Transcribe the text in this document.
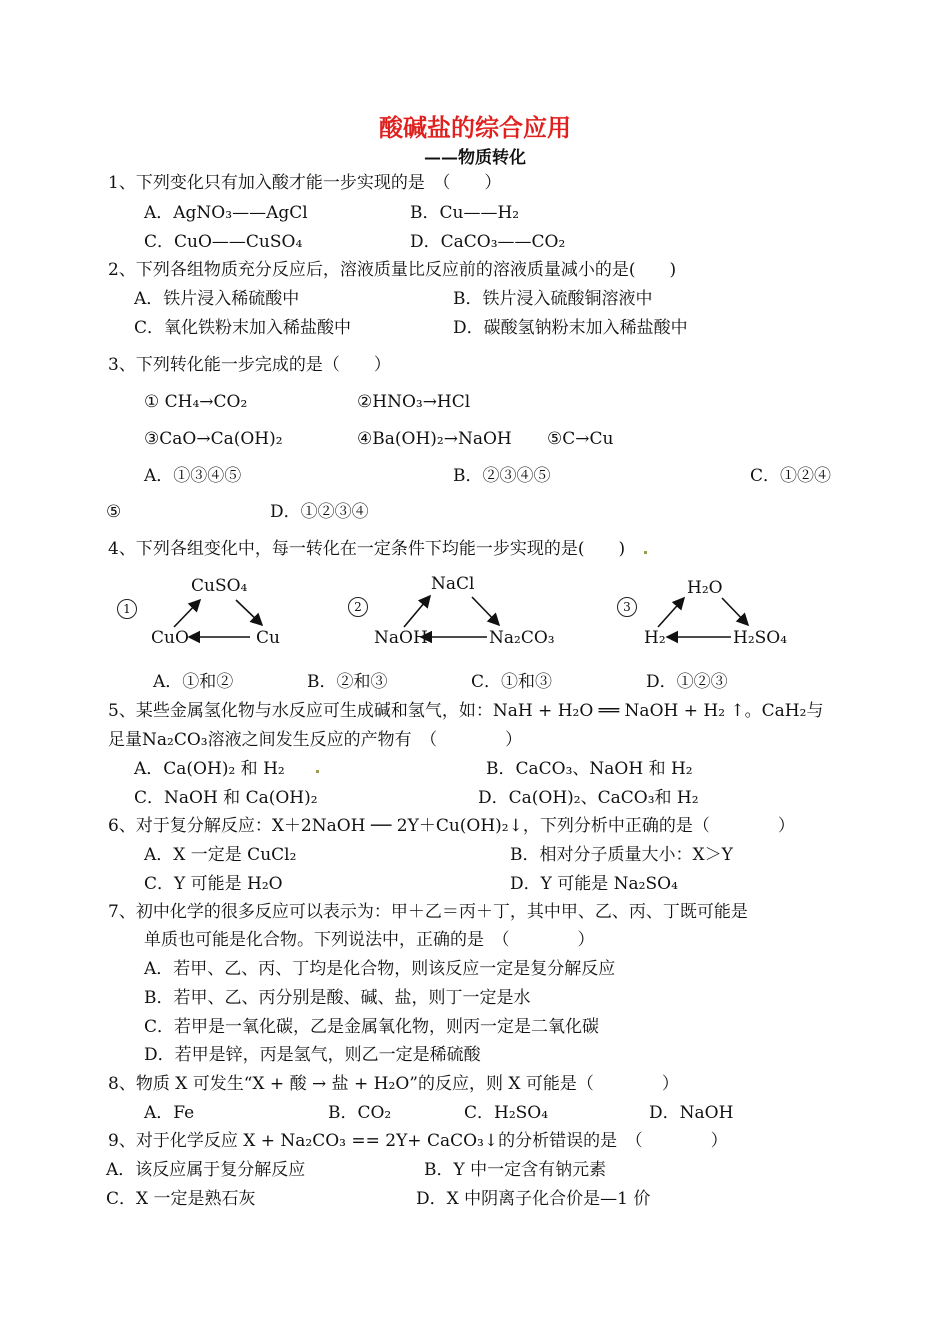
酸碱盐的综合应用
——物质转化
1、下列变化只有加入酸才能一步实现的是　（　　）
A．AgNO₃——AgCl	B．Cu——H₂
C．CuO——CuSO₄	D．CaCO₃——CO₂
2、下列各组物质充分反应后，溶液质量比反应前的溶液质量减小的是(　　)
A．铁片浸入稀硫酸中	B．铁片浸入硫酸铜溶液中
C．氧化铁粉末加入稀盐酸中	D．碳酸氢钠粉末加入稀盐酸中
3、下列转化能一步完成的是（　　）
① CH₄→CO₂	②HNO₃→HCl
③CaO→Ca(OH)₂	④Ba(OH)₂→NaOH ⑤C→Cu
A．①③④⑤	B．②③④⑤	C．①②④
⑤	D．①②③④
4、下列各组变化中，每一转化在一定条件下均能一步实现的是(　　)
1
CuSO₄
CuO	Cu
2
NaCl
NaOH	Na₂CO₃
3
H₂O
H₂	H₂SO₄
A．①和②	B．②和③	C．①和③	D．①②③
5、某些金属氢化物与水反应可生成碱和氢气，如：NaH + H₂O ══ NaOH + H₂ ↑。CaH₂与
足量Na₂CO₃溶液之间发生反应的产物有　（　　　　）
A．Ca(OH)₂ 和 H₂	B．CaCO₃、NaOH 和 H₂
C．NaOH 和 Ca(OH)₂	D．Ca(OH)₂、CaCO₃和 H₂
6、对于复分解反应：X＋2NaOH ── 2Y＋Cu(OH)₂↓，下列分析中正确的是（　　　　）
A．X 一定是 CuCl₂	B．相对分子质量大小：X＞Y
C．Y 可能是 H₂O	D．Y 可能是 Na₂SO₄
7、初中化学的很多反应可以表示为：甲＋乙＝丙＋丁，其中甲、乙、丙、丁既可能是
单质也可能是化合物。下列说法中，正确的是　（　　　　）
A．若甲、乙、丙、丁均是化合物，则该反应一定是复分解反应
B．若甲、乙、丙分别是酸、碱、盐，则丁一定是水
C．若甲是一氧化碳，乙是金属氧化物，则丙一定是二氧化碳
D．若甲是锌，丙是氢气，则乙一定是稀硫酸
8、物质 X 可发生“X + 酸 → 盐 + H₂O”的反应，则 X 可能是（　　　　）
A．Fe	B．CO₂	C．H₂SO₄	D．NaOH
9、对于化学反应 X + Na₂CO₃ == 2Y+ CaCO₃↓的分析错误的是　（　　　　）
A．该反应属于复分解反应	B．Y 中一定含有钠元素
C．X 一定是熟石灰	D．X 中阴离子化合价是—1 价
